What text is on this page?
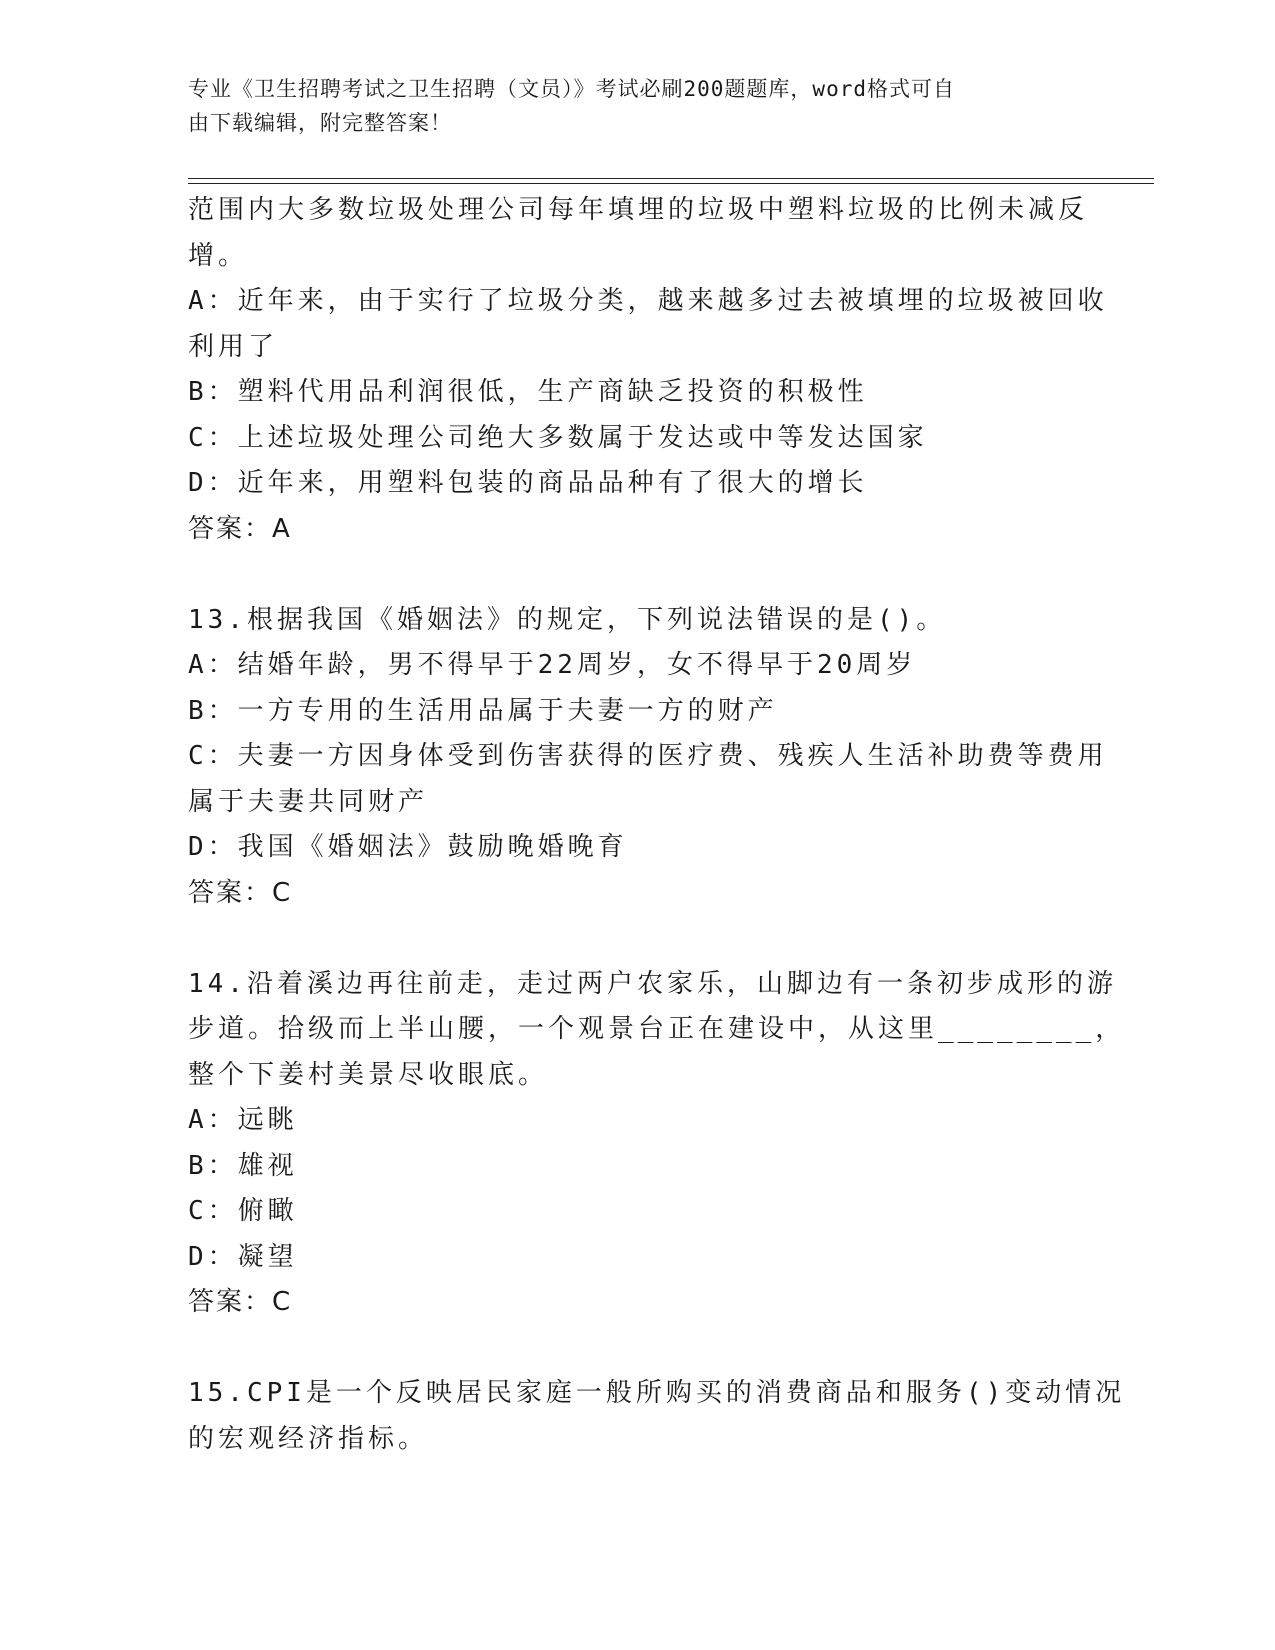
专业《卫生招聘考试之卫生招聘（文员）》考试必刷200题题库，word格式可自
由下载编辑，附完整答案！
范围内大多数垃圾处理公司每年填埋的垃圾中塑料垃圾的比例未减反
增。
A：近年来，由于实行了垃圾分类，越来越多过去被填埋的垃圾被回收
利用了
B：塑料代用品利润很低，生产商缺乏投资的积极性
C：上述垃圾处理公司绝大多数属于发达或中等发达国家
D：近年来，用塑料包装的商品品种有了很大的增长
答案：A
13.根据我国《婚姻法》的规定，下列说法错误的是()。
A：结婚年龄，男不得早于22周岁，女不得早于20周岁
B：一方专用的生活用品属于夫妻一方的财产
C：夫妻一方因身体受到伤害获得的医疗费、残疾人生活补助费等费用
属于夫妻共同财产
D：我国《婚姻法》鼓励晚婚晚育
答案：C
14.沿着溪边再往前走，走过两户农家乐，山脚边有一条初步成形的游
步道。拾级而上半山腰，一个观景台正在建设中，从这里________，
整个下姜村美景尽收眼底。
A：远眺
B：雄视
C：俯瞰
D：凝望
答案：C
15.CPI是一个反映居民家庭一般所购买的消费商品和服务()变动情况
的宏观经济指标。
